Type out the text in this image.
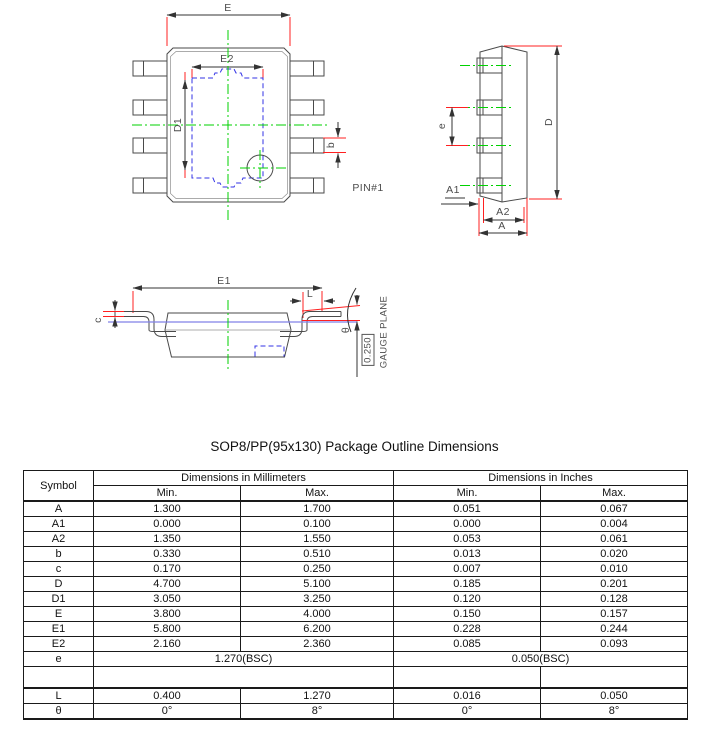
E
E2
D1
b
PIN#1
e
D
A1
A2
A
E1
L
c
θ
0.250 GAUGE PLANE
SOP8/PP(95x130) Package Outline Dimensions
Symbol	Dimensions in Millimeters		Dimensions in Inches	
	Min.	Max.	Min.	Max.
A	1.300	1.700	0.051	0.067
A1	0.000	0.100	0.000	0.004
A2	1.350	1.550	0.053	0.061
b	0.330	0.510	0.013	0.020
c	0.170	0.250	0.007	0.010
D	4.700	5.100	0.185	0.201
D1	3.050	3.250	0.120	0.128
E	3.800	4.000	0.150	0.157
E1	5.800	6.200	0.228	0.244
E2	2.160	2.360	0.085	0.093
e	1.270(BSC)		0.050(BSC)	

L	0.400	1.270	0.016	0.050
θ	0°	8°	0°	8°
